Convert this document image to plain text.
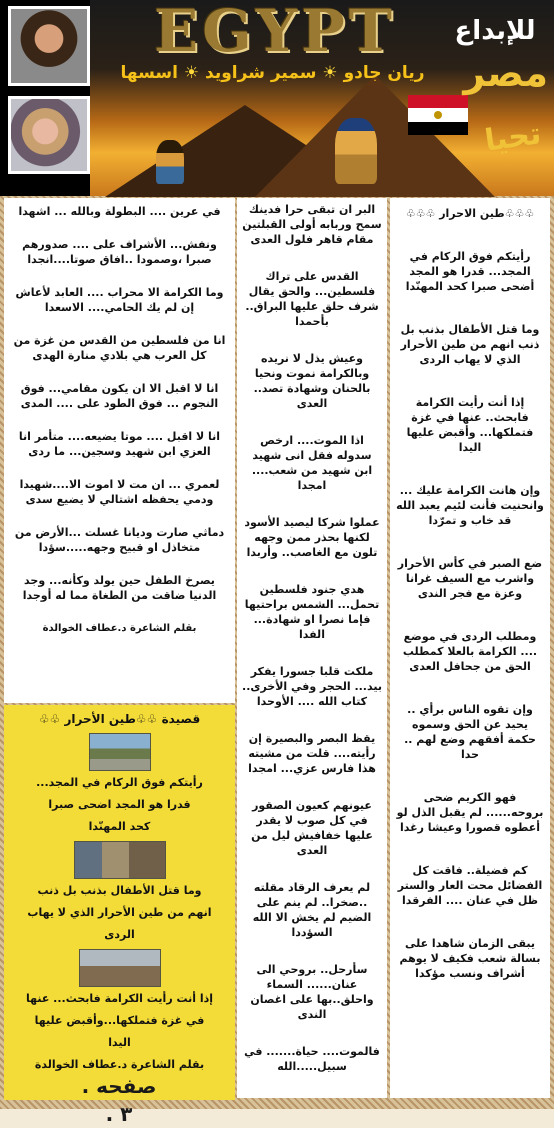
EGYPT
ريان جادو ☀ سمير شراويد ☀ اسسها
للإبداع
مصر
تحيا

♧♧♧طين الاحرار ♧♧♧

رأيتكم فوق الركام في المجد... قدرا هو المجد أضحى صبرا كحد المهنّدا

وما قتل الأطفال بذنب بل ذنب انهم من طين الأحرار الذي لا يهاب الردى

إذا أنت رأيت الكرامة فابحث.. عنها في غزة فتملكها... وأقبض عليها اليدا

وإن هانت الكرامة عليك ... وانحنيت فأنت لئيم يعبد الله قد خاب و تمرّدا

ضع الصبر في كأس الأحرار واشرب مع السيف غرانا وعزة مع فجر الندى

ومطلب الردى في موضع .... الكرامة بالعلا كمطلب الحق من جحافل العدى

وإن تقوه الناس برأي .. يحيد عن الحق وسموه حكمة أفقهم وضع لهم .. حدا

فهو الكريم ضحى بروحه...... لم يقبل الذل لو أعطوه قصورا وعيشا رغدا

كم فضيلة.. فاقت كل الفضائل محت العار والستر ظل في عنان .... الفرقدا

يبقى الزمان شاهدا على بسالة شعب فكيف لا يوهم أشراف ونسب مؤكدا

البر ان تبقى حرا فدينك سمح وربابه أولى القبلتين مقام قاهر فلول العدى

القدس على تراك فلسطين... والحق يقال شرف حلق عليها البراق.. بأحمدا

وعيش يذل لا نريده وبالكرامة نموت ونحيا بالحنان وشهادة تصد.. العدى

اذا الموت.... ارخص سدوله فقل انى شهيد ابن شهيد من شعب.... امجدا

عملوا شركا ليصيد الأسود لكنها بحذر ممن وجهه تلون مع الغاصب.. وأربدا

هدي جنود فلسطين تحمل... الشمس براحتيها فإما نصرا او شهادة... الفدا

ملكت قلبا جسورا يفكر بيد... الحجر وفي الأخرى.. كتاب الله .... الأوحدا

يقظ البصر والبصيرة إن رأيته.... قلت من مشيته هذا فارس عزي... امجدا

عيونهم كعيون الصقور في كل صوب لا يقدر عليها خفافيش ليل من العدى

لم يعرف الرقاد مقلته ..صخرا.. لم ينم على الضيم لم يخش الا الله السؤددا

سأرحل.. بروحي الى عنان...... السماء واحلق..بها على اغصان الندى

فالموت.... حياة....... في سبيل.....الله

في عرين .... البطولة وبالله ... اشهدا

ونفش... الأشراف على .... صدورهم صبرا ،وصمودا ..افاق صوتا....انجدا

وما الكرامة الا محراب .... العابد لأعاش إن لم يك الحامي.... الاسعدا

انا من فلسطين من القدس من غزة من كل العرب هي بلادي منارة الهدى

انا لا اقبل الا ان يكون مقامي... فوق النجوم ... فوق الطود على .... المدى

انا لا اقبل .... موتا يضيعه.... متأمر انا العزي ابن شهيد وسجين... ما ردى

لعمري ... ان مت لا اموت الا....شهيدا ودمي يحفظه اشتالي لا يضيع سدى

دماثي صارت وديانا غسلت ...الأرض من متخاذل او قبيح وجهه.....سؤدا

يصرخ الطفل حين يولد وكأنه... وجد الدنيا ضاقت من الطغاة مما له أوجدا

بقلم الشاعرة د.عطاف الخوالدة

قصيدة ♧♧طين الأحرار ♧♧

رأيتكم فوق الركام في المجد...

قدرا هو المجد اضحى صبرا

كحد المهنّدا

وما قتل الأطفال بذنب بل ذنب

انهم من طين الأحرار الذي لا يهاب

الردى

إذا أنت رأيت الكرامة فابحث... عنها

في غزة فتملكها...وأقبض عليها

اليدا

بقلم الشاعرة د.عطاف الخوالدة

صفحه . ٣ .
